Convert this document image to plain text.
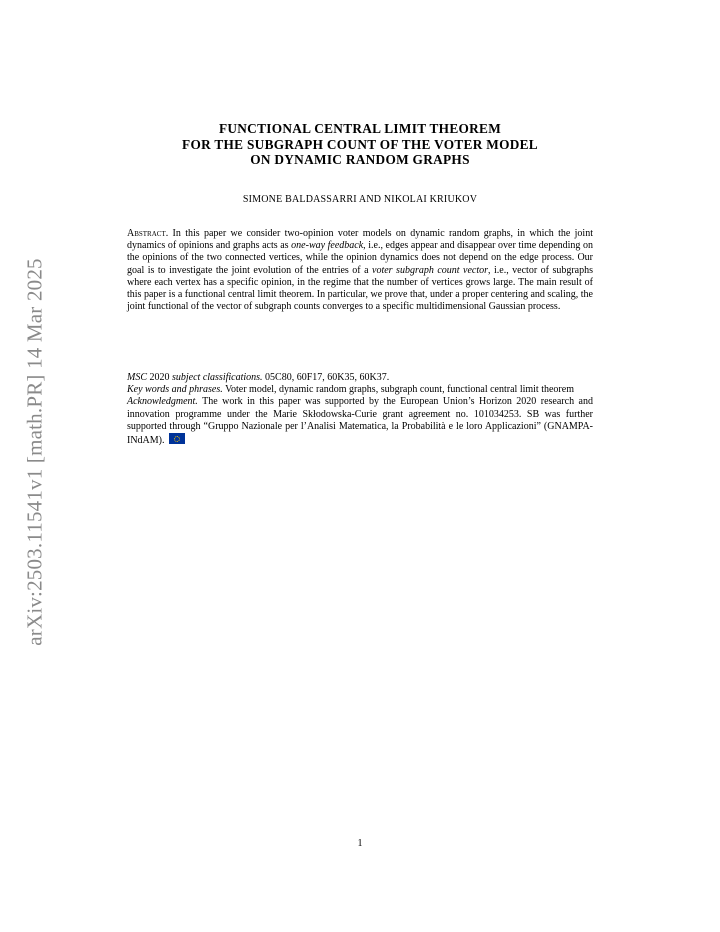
arXiv:2503.11541v1 [math.PR] 14 Mar 2025
FUNCTIONAL CENTRAL LIMIT THEOREM
FOR THE SUBGRAPH COUNT OF THE VOTER MODEL
ON DYNAMIC RANDOM GRAPHS
SIMONE BALDASSARRI AND NIKOLAI KRIUKOV
Abstract. In this paper we consider two-opinion voter models on dynamic random graphs, in which the joint dynamics of opinions and graphs acts as one-way feedback, i.e., edges appear and disappear over time depending on the opinions of the two connected vertices, while the opinion dynamics does not depend on the edge process. Our goal is to investigate the joint evolution of the entries of a voter subgraph count vector, i.e., vector of subgraphs where each vertex has a specific opinion, in the regime that the number of vertices grows large. The main result of this paper is a functional central limit theorem. In particular, we prove that, under a proper centering and scaling, the joint functional of the vector of subgraph counts converges to a specific multidimensional Gaussian process.
MSC 2020 subject classifications. 05C80, 60F17, 60K35, 60K37.
Key words and phrases. Voter model, dynamic random graphs, subgraph count, functional central limit theorem
Acknowledgment. The work in this paper was supported by the European Union’s Horizon 2020 research and innovation programme under the Marie Skłodowska-Curie grant agreement no. 101034253. SB was further supported through “Gruppo Nazionale per l’Analisi Matematica, la Probabilità e le loro Applicazioni” (GNAMPA-INdAM).
1
